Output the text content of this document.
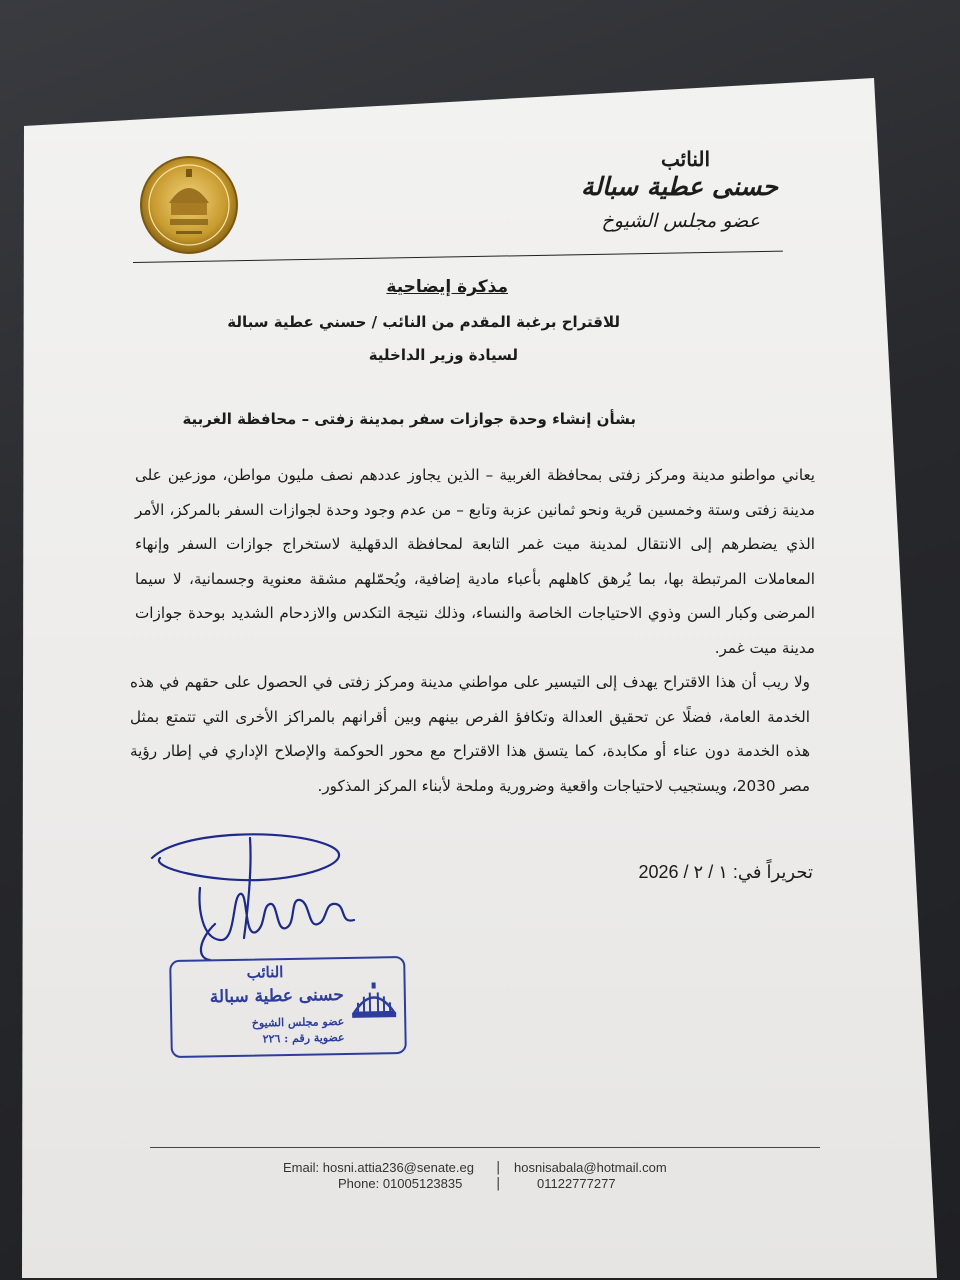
النائب
حسنى عطية سبالة
عضو مجلس الشيوخ
مذكرة إيضاحية
للاقتراح برغبة المقدم من النائب / حسني عطية سبالة
لسيادة وزير الداخلية
بشأن إنشاء وحدة جوازات سفر بمدينة زفتى – محافظة الغربية
يعاني مواطنو مدينة ومركز زفتى بمحافظة الغربية – الذين يجاوز عددهم نصف مليون مواطن، موزعين على مدينة زفتى وستة وخمسين قرية ونحو ثمانين عزبة وتابع – من عدم وجود وحدة لجوازات السفر بالمركز، الأمر الذي يضطرهم إلى الانتقال لمدينة ميت غمر التابعة لمحافظة الدقهلية لاستخراج جوازات السفر وإنهاء المعاملات المرتبطة بها، بما يُرهق كاهلهم بأعباء مادية إضافية، ويُحمّلهم مشقة معنوية وجسمانية، لا سيما المرضى وكبار السن وذوي الاحتياجات الخاصة والنساء، وذلك نتيجة التكدس والازدحام الشديد بوحدة جوازات مدينة ميت غمر.
ولا ريب أن هذا الاقتراح يهدف إلى التيسير على مواطني مدينة ومركز زفتى في الحصول على حقهم في هذه الخدمة العامة، فضلًا عن تحقيق العدالة وتكافؤ الفرص بينهم وبين أقرانهم بالمراكز الأخرى التي تتمتع بمثل هذه الخدمة دون عناء أو مكابدة، كما يتسق هذا الاقتراح مع محور الحوكمة والإصلاح الإداري في إطار رؤية مصر 2030، ويستجيب لاحتياجات واقعية وضرورية وملحة لأبناء المركز المذكور.
تحريراً في: ١ / ٢ / 2026
النائب
حسنى عطية سبالة
عضو مجلس الشيوخ
عضوية رقم : ٢٢٦
Email: hosni.attia236@senate.eg
Phone: 01005123835
|
|
hosnisabala@hotmail.com
01122777277
